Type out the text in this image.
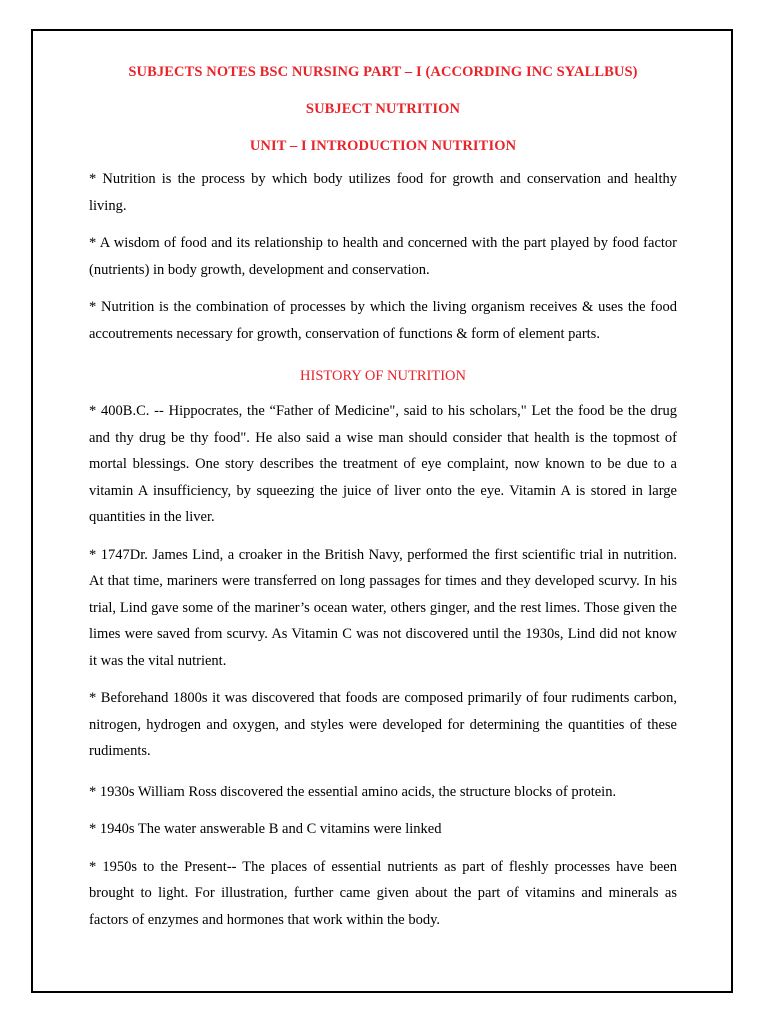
SUBJECTS NOTES BSC NURSING PART – I (ACCORDING INC SYALLBUS)
SUBJECT NUTRITION
UNIT – I INTRODUCTION NUTRITION

* Nutrition is the process by which body utilizes food for growth and conservation and healthy living.

* A wisdom of food and its relationship to health and concerned with the part played by food factor (nutrients) in body growth, development and conservation.

* Nutrition is the combination of processes by which the living organism receives & uses the food accoutrements necessary for growth, conservation of functions & form of element parts.

HISTORY OF NUTRITION

* 400B.C. -- Hippocrates, the “Father of Medicine", said to his scholars," Let the food be the drug and thy drug be thy food". He also said a wise man should consider that health is the topmost of mortal blessings. One story describes the treatment of eye complaint, now known to be due to a vitamin A insufficiency, by squeezing the juice of liver onto the eye. Vitamin A is stored in large quantities in the liver.

* 1747Dr. James Lind, a croaker in the British Navy, performed the first scientific trial in nutrition. At that time, mariners were transferred on long passages for times and they developed scurvy. In his trial, Lind gave some of the mariner’s ocean water, others ginger, and the rest limes. Those given the limes were saved from scurvy. As Vitamin C was not discovered until the 1930s, Lind did not know it was the vital nutrient.

* Beforehand 1800s it was discovered that foods are composed primarily of four rudiments carbon, nitrogen, hydrogen and oxygen, and styles were developed for determining the quantities of these rudiments.

* 1930s William Ross discovered the essential amino acids, the structure blocks of protein.

* 1940s The water answerable B and C vitamins were linked

* 1950s to the Present-- The places of essential nutrients as part of fleshly processes have been brought to light. For illustration, further came given about the part of vitamins and minerals as factors of enzymes and hormones that work within the body.
